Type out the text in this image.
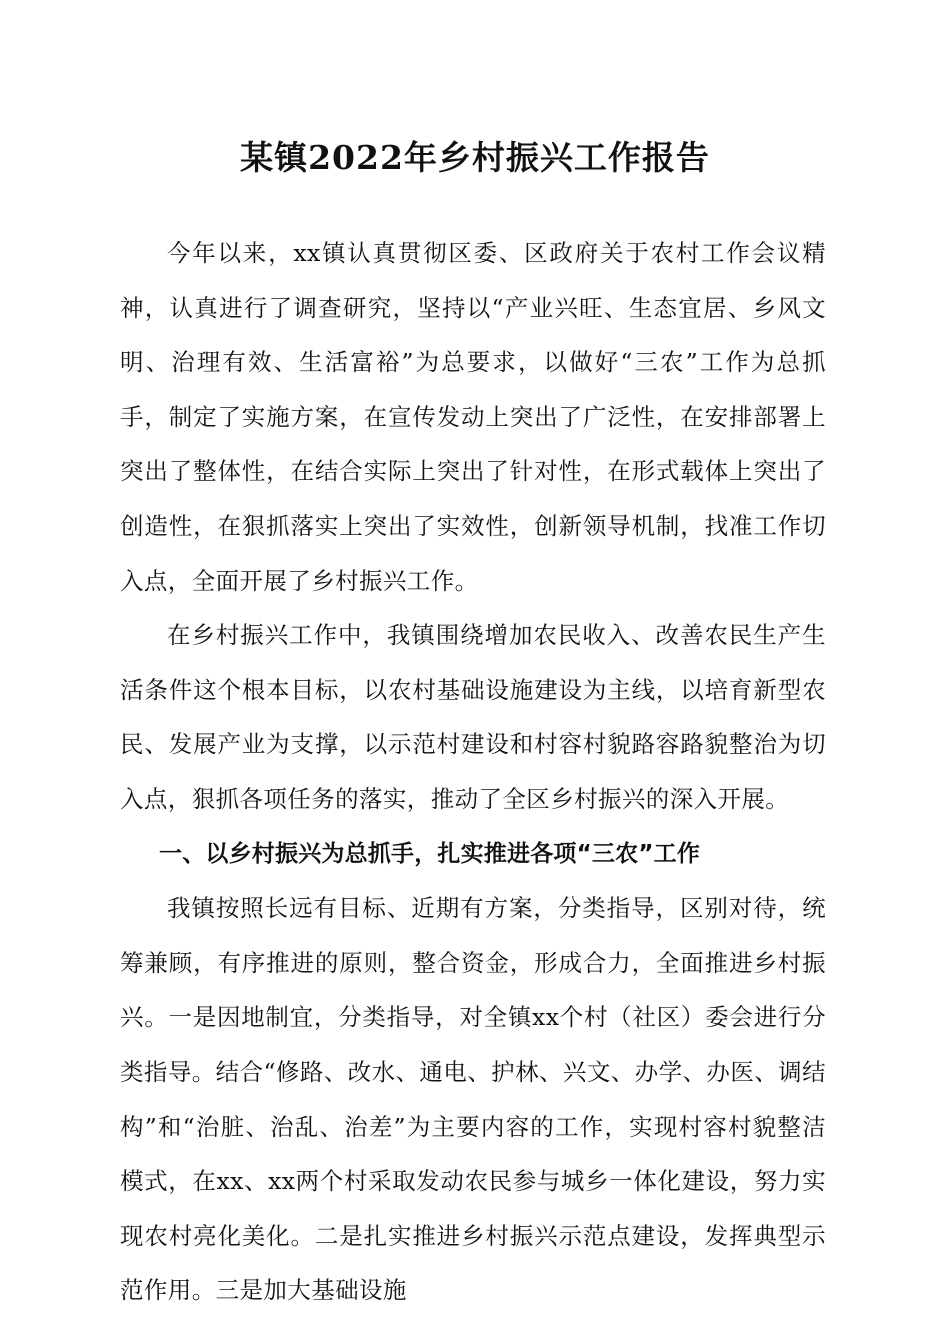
某镇2022年乡村振兴工作报告

今年以来，xx镇认真贯彻区委、区政府关于农村工作会议精神，认真进行了调查研究，坚持以“产业兴旺、生态宜居、乡风文明、治理有效、生活富裕”为总要求，以做好“三农”工作为总抓手，制定了实施方案，在宣传发动上突出了广泛性，在安排部署上突出了整体性，在结合实际上突出了针对性，在形式载体上突出了创造性，在狠抓落实上突出了实效性，创新领导机制，找准工作切入点，全面开展了乡村振兴工作。

在乡村振兴工作中，我镇围绕增加农民收入、改善农民生产生活条件这个根本目标，以农村基础设施建设为主线，以培育新型农民、发展产业为支撑，以示范村建设和村容村貌路容路貌整治为切入点，狠抓各项任务的落实，推动了全区乡村振兴的深入开展。

一、以乡村振兴为总抓手，扎实推进各项“三农”工作

我镇按照长远有目标、近期有方案，分类指导，区别对待，统筹兼顾，有序推进的原则，整合资金，形成合力，全面推进乡村振兴。一是因地制宜，分类指导，对全镇xx个村（社区）委会进行分类指导。结合“修路、改水、通电、护林、兴文、办学、办医、调结构”和“治脏、治乱、治差”为主要内容的工作，实现村容村貌整洁模式，在xx、xx两个村采取发动农民参与城乡一体化建设，努力实现农村亮化美化。二是扎实推进乡村振兴示范点建设，发挥典型示范作用。三是加大基础设施
